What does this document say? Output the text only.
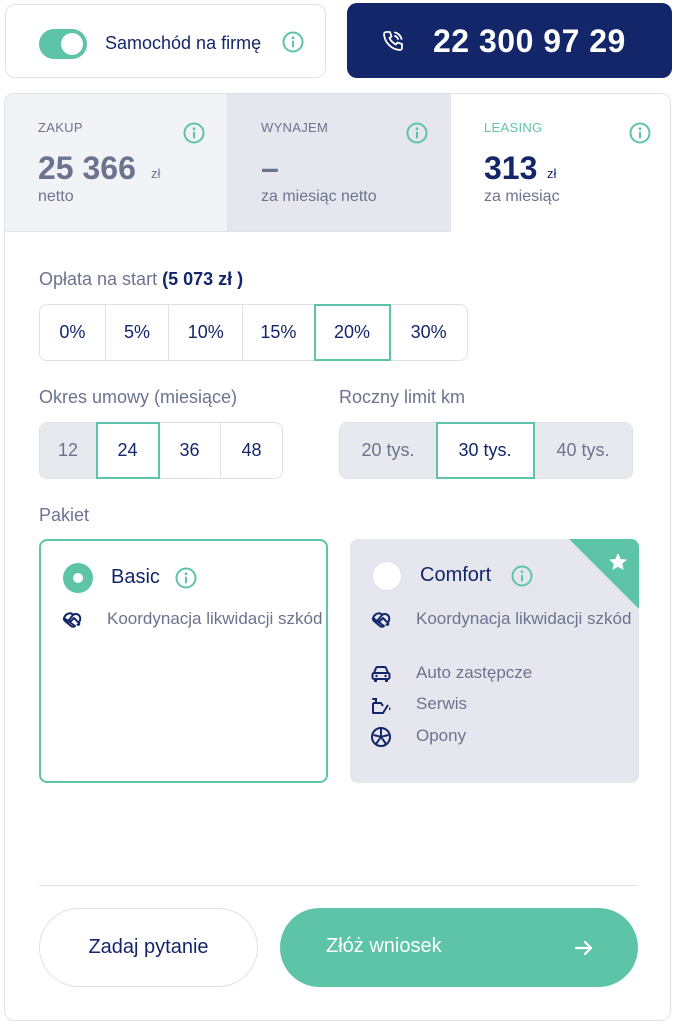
Samochód na firmę	22 300 97 29
ZAKUP
25 366 zł
netto
WYNAJEM
–
za miesiąc netto
LEASING
313 zł
za miesiąc
Opłata na start (5 073 zł )
0%	5%	10%	15%	20%	30%
Okres umowy (miesiące)
12	24	36	48
Roczny limit km
20 tys.	30 tys.	40 tys.
Pakiet
Basic
Koordynacja likwidacji szkód
Comfort
Koordynacja likwidacji szkód
Auto zastępcze
Serwis
Opony
Zadaj pytanie	Złóż wniosek
